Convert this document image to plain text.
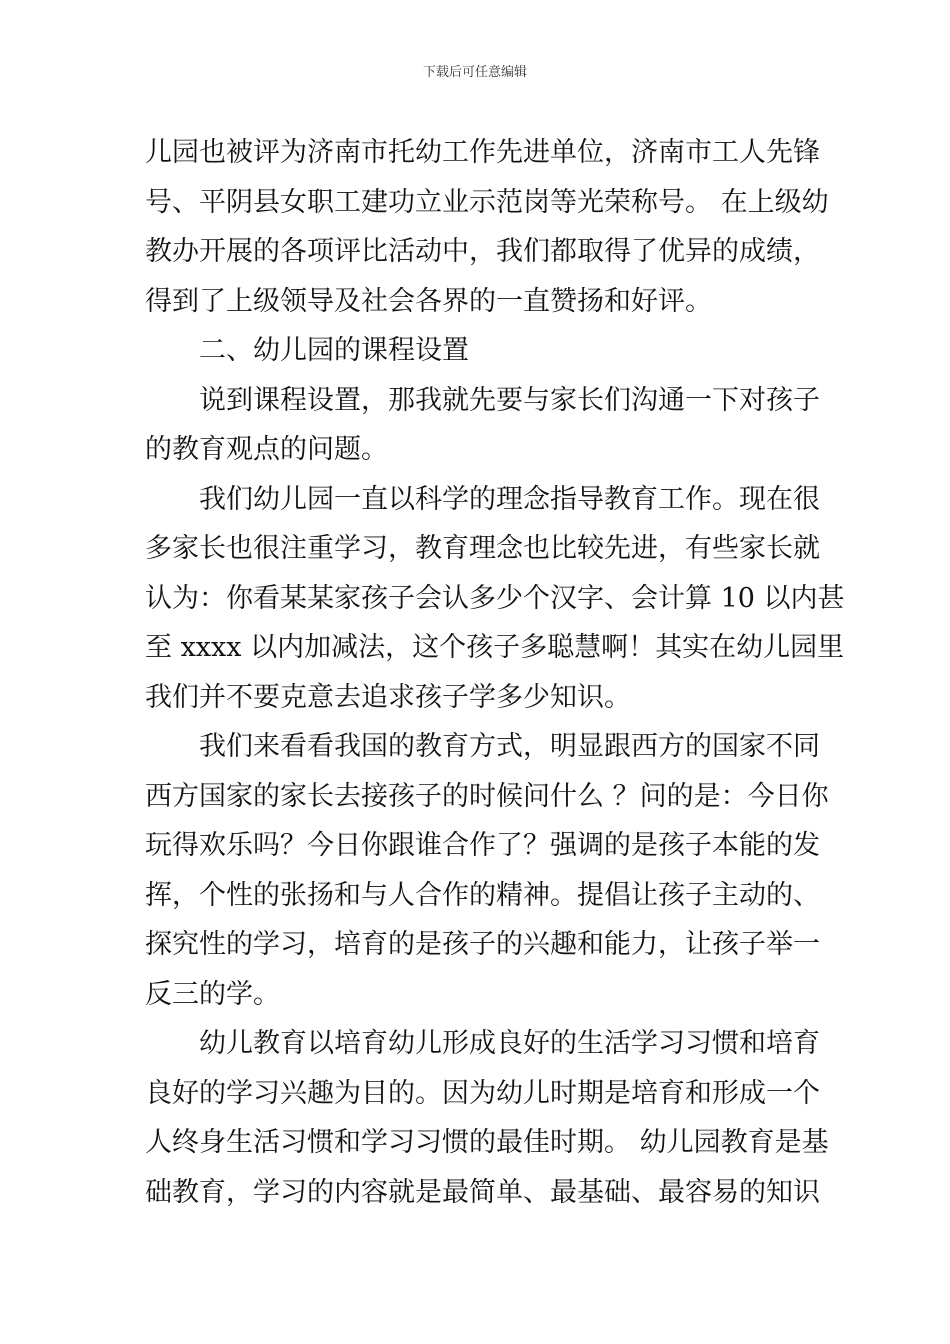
下载后可任意编辑
儿园也被评为济南市托幼工作先进单位，济南市工人先锋
号、平阴县女职工建功立业示范岗等光荣称号。 在上级幼
教办开展的各项评比活动中，我们都取得了优异的成绩，
得到了上级领导及社会各界的一直赞扬和好评。
二、幼儿园的课程设置
说到课程设置，那我就先要与家长们沟通一下对孩子
的教育观点的问题。
我们幼儿园一直以科学的理念指导教育工作。现在很
多家长也很注重学习，教育理念也比较先进，有些家长就
认为：你看某某家孩子会认多少个汉字、会计算 10 以内甚
至 xxxx 以内加减法，这个孩子多聪慧啊！其实在幼儿园里
我们并不要克意去追求孩子学多少知识。
我们来看看我国的教育方式，明显跟西方的国家不同
西方国家的家长去接孩子的时候问什么 ？问的是：今日你
玩得欢乐吗？今日你跟谁合作了？强调的是孩子本能的发
挥，个性的张扬和与人合作的精神。提倡让孩子主动的、
探究性的学习，培育的是孩子的兴趣和能力，让孩子举一
反三的学。
幼儿教育以培育幼儿形成良好的生活学习习惯和培育
良好的学习兴趣为目的。因为幼儿时期是培育和形成一个
人终身生活习惯和学习习惯的最佳时期。 幼儿园教育是基
础教育，学习的内容就是最简单、最基础、最容易的知识
